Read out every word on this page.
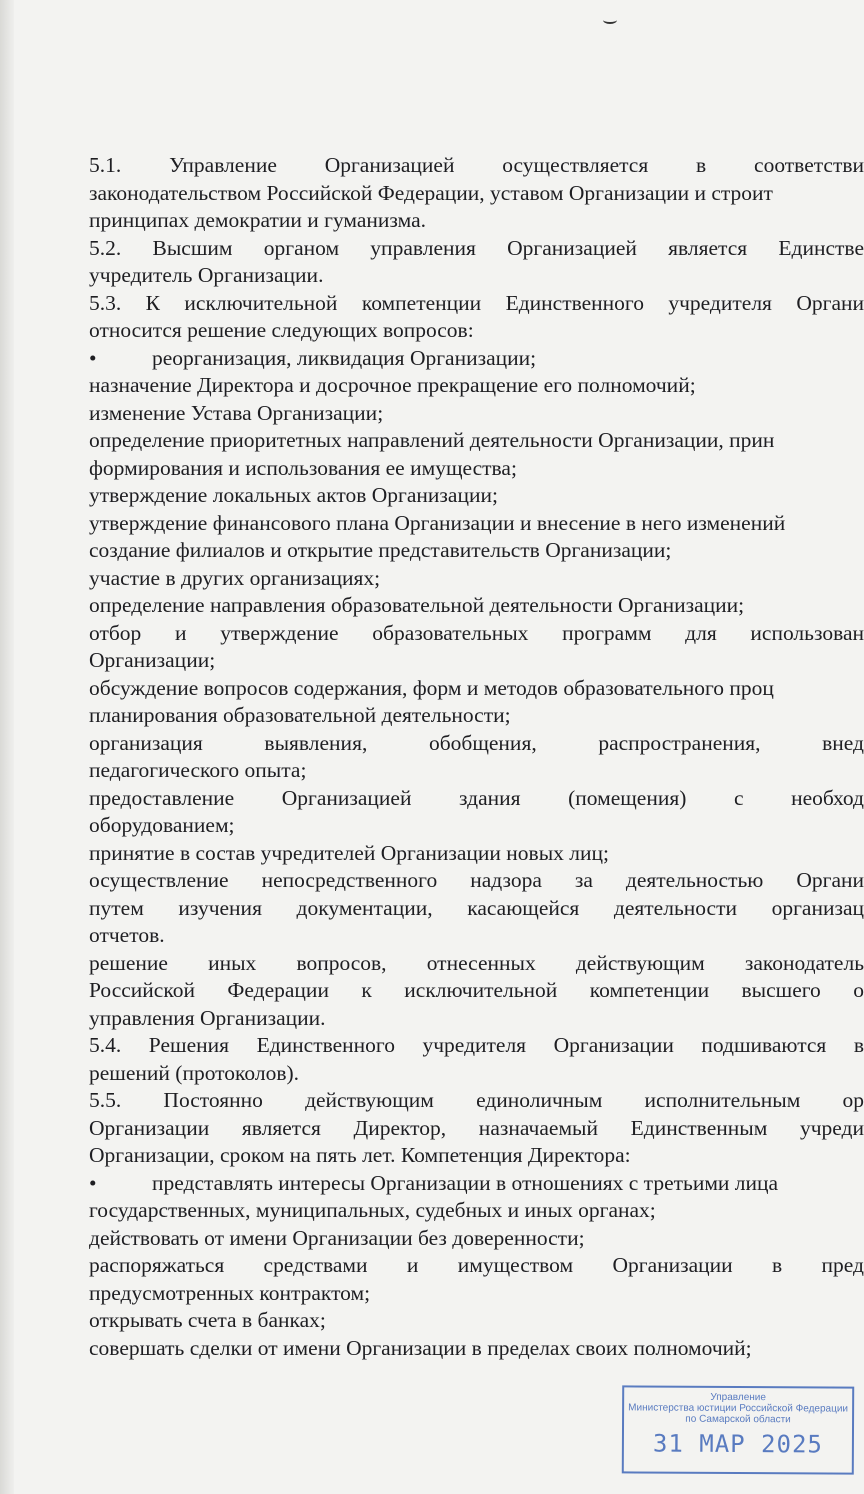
5.1. Управление Организацией осуществляется в соответстви
законодательством Российской Федерации, уставом Организации и строит
принципах демократии и гуманизма.
5.2. Высшим органом управления Организацией является Единстве
учредитель Организации.
5.3. К исключительной компетенции Единственного учредителя Органи
относится решение следующих вопросов:
•	реорганизация, ликвидация Организации;
назначение Директора и досрочное прекращение его полномочий;
изменение Устава Организации;
определение приоритетных направлений деятельности Организации, прин
формирования и использования ее имущества;
утверждение локальных актов Организации;
утверждение финансового плана Организации и внесение в него изменений
создание филиалов и открытие представительств Организации;
участие в других организациях;
определение направления образовательной деятельности Организации;
отбор и утверждение образовательных программ для использован
Организации;
обсуждение вопросов содержания, форм и методов образовательного проц
планирования образовательной деятельности;
организация выявления, обобщения, распространения, внед
педагогического опыта;
предоставление Организацией здания (помещения) с необход
оборудованием;
принятие в состав учредителей Организации новых лиц;
осуществление непосредственного надзора за деятельностью Органи
путем изучения документации, касающейся деятельности организац
отчетов.
решение иных вопросов, отнесенных действующим законодатель
Российской Федерации к исключительной компетенции высшего о
управления Организации.
5.4. Решения Единственного учредителя Организации подшиваются в
решений (протоколов).
5.5. Постоянно действующим единоличным исполнительным ор
Организации является Директор, назначаемый Единственным учреди
Организации, сроком на пять лет. Компетенция Директора:
•	представлять интересы Организации в отношениях с третьими лица
государственных, муниципальных, судебных и иных органах;
действовать от имени Организации без доверенности;
распоряжаться средствами и имуществом Организации в пред
предусмотренных контрактом;
открывать счета в банках;
совершать сделки от имени Организации в пределах своих полномочий;
Управление
Министерства юстиции Российской Федерации
по Самарской области
31 МАР 2025
